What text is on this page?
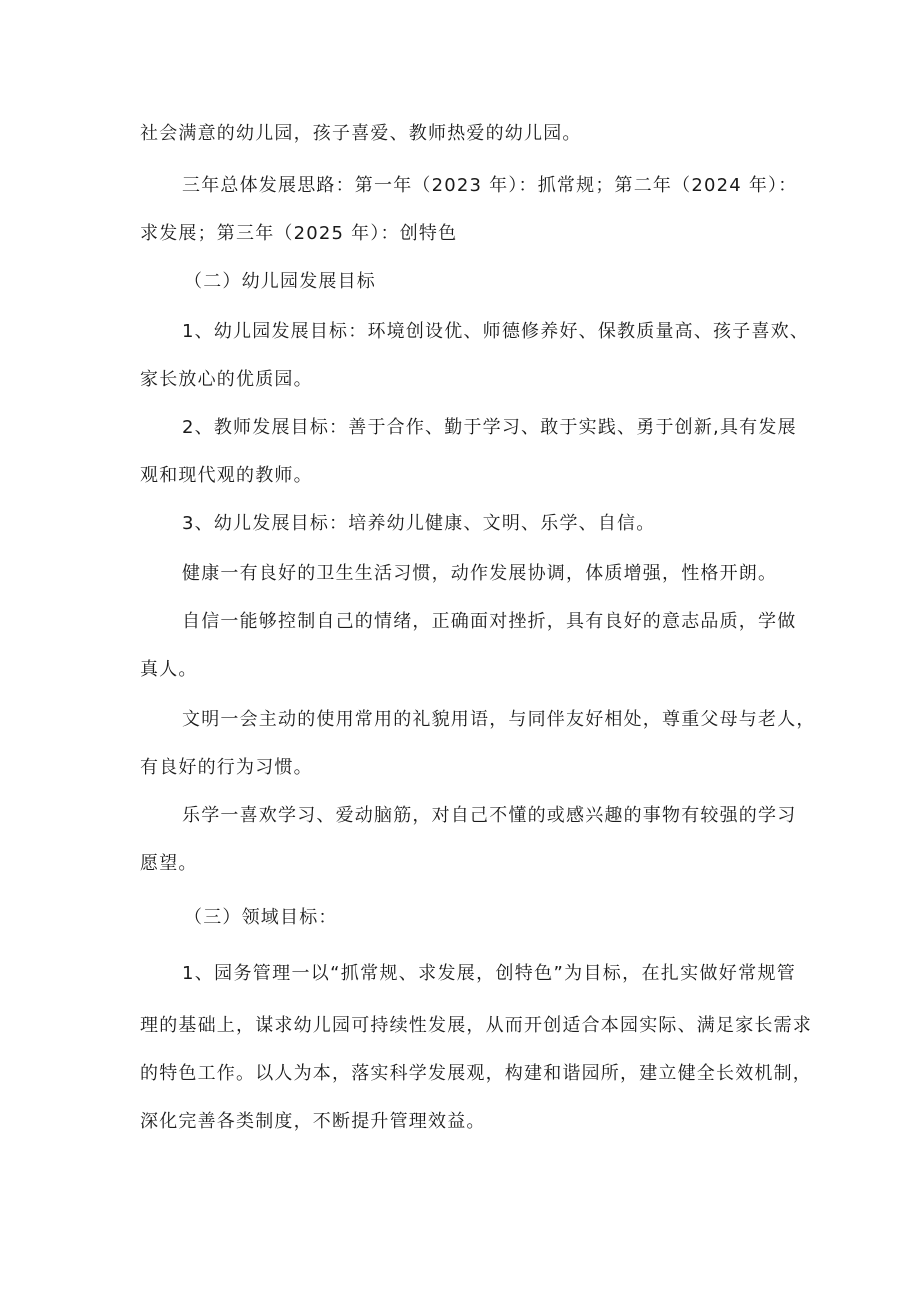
社会满意的幼儿园，孩子喜爱、教师热爱的幼儿园。
三年总体发展思路：第一年（2023 年）：抓常规；第二年（2024 年）：
求发展；第三年（2025 年）：创特色
（二）幼儿园发展目标
1、幼儿园发展目标：环境创设优、师德修养好、保教质量高、孩子喜欢、
家长放心的优质园。
2、教师发展目标：善于合作、勤于学习、敢于实践、勇于创新,具有发展
观和现代观的教师。
3、幼儿发展目标：培养幼儿健康、文明、乐学、自信。
健康一有良好的卫生生活习惯，动作发展协调，体质增强，性格开朗。
自信一能够控制自己的情绪，正确面对挫折，具有良好的意志品质，学做
真人。
文明一会主动的使用常用的礼貌用语，与同伴友好相处，尊重父母与老人，
有良好的行为习惯。
乐学一喜欢学习、爱动脑筋，对自己不懂的或感兴趣的事物有较强的学习
愿望。
（三）领域目标：
1、园务管理一以“抓常规、求发展，创特色”为目标，在扎实做好常规管
理的基础上，谋求幼儿园可持续性发展，从而开创适合本园实际、满足家长需求
的特色工作。以人为本，落实科学发展观，构建和谐园所，建立健全长效机制，
深化完善各类制度，不断提升管理效益。
